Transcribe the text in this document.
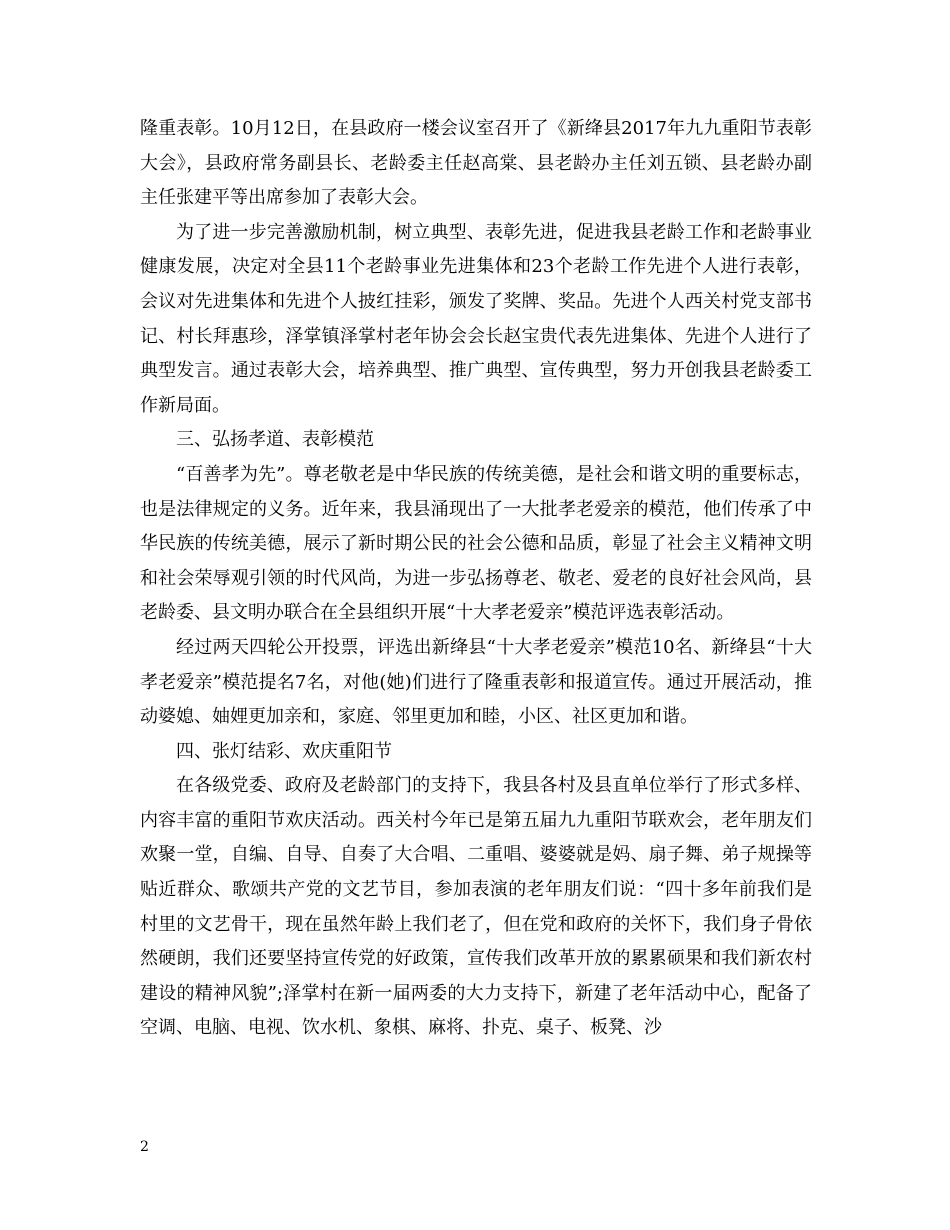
隆重表彰。10月12日，在县政府一楼会议室召开了《新绛县2017年九九重阳节表彰大会》，县政府常务副县长、老龄委主任赵高棠、县老龄办主任刘五锁、县老龄办副主任张建平等出席参加了表彰大会。

为了进一步完善激励机制，树立典型、表彰先进，促进我县老龄工作和老龄事业健康发展，决定对全县11个老龄事业先进集体和23个老龄工作先进个人进行表彰，会议对先进集体和先进个人披红挂彩，颁发了奖牌、奖品。先进个人西关村党支部书记、村长拜惠珍，泽掌镇泽掌村老年协会会长赵宝贵代表先进集体、先进个人进行了典型发言。通过表彰大会，培养典型、推广典型、宣传典型，努力开创我县老龄委工作新局面。

三、弘扬孝道、表彰模范

“百善孝为先”。尊老敬老是中华民族的传统美德，是社会和谐文明的重要标志，也是法律规定的义务。近年来，我县涌现出了一大批孝老爱亲的模范，他们传承了中华民族的传统美德，展示了新时期公民的社会公德和品质，彰显了社会主义精神文明和社会荣辱观引领的时代风尚，为进一步弘扬尊老、敬老、爱老的良好社会风尚，县老龄委、县文明办联合在全县组织开展“十大孝老爱亲”模范评选表彰活动。

经过两天四轮公开投票，评选出新绛县“十大孝老爱亲”模范10名、新绛县“十大孝老爱亲”模范提名7名，对他(她)们进行了隆重表彰和报道宣传。通过开展活动，推动婆媳、妯娌更加亲和，家庭、邻里更加和睦，小区、社区更加和谐。

四、张灯结彩、欢庆重阳节

在各级党委、政府及老龄部门的支持下，我县各村及县直单位举行了形式多样、内容丰富的重阳节欢庆活动。西关村今年已是第五届九九重阳节联欢会，老年朋友们欢聚一堂，自编、自导、自奏了大合唱、二重唱、婆婆就是妈、扇子舞、弟子规操等贴近群众、歌颂共产党的文艺节目，参加表演的老年朋友们说：“四十多年前我们是村里的文艺骨干，现在虽然年龄上我们老了，但在党和政府的关怀下，我们身子骨依然硬朗，我们还要坚持宣传党的好政策，宣传我们改革开放的累累硕果和我们新农村建设的精神风貌”;泽掌村在新一届两委的大力支持下，新建了老年活动中心，配备了空调、电脑、电视、饮水机、象棋、麻将、扑克、桌子、板凳、沙

2
